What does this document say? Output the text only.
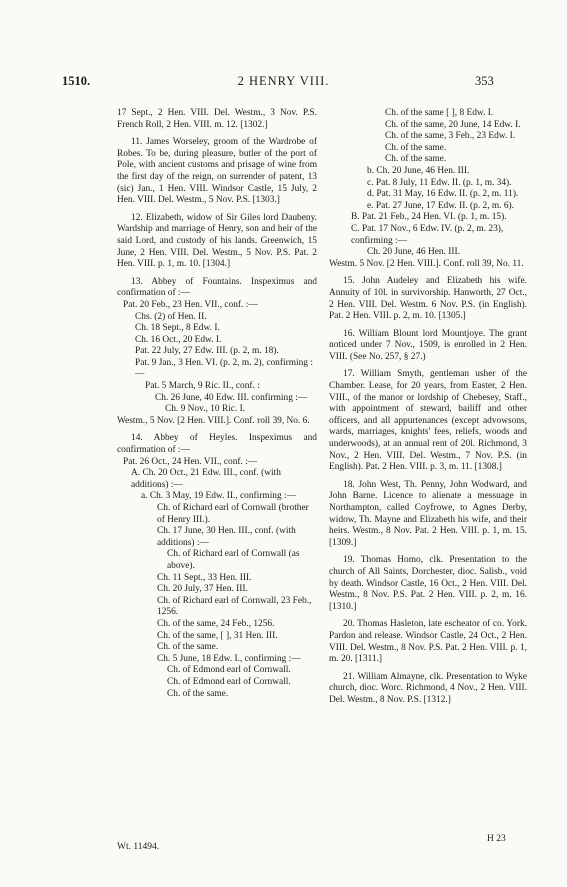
1510.	2 HENRY VIII.	353

17 Sept., 2 Hen. VIII. Del. Westm., 3 Nov. P.S. French Roll, 2 Hen. VIII. m. 12. [1302.]

11. James Worseley, groom of the Wardrobe of Robes. To be, during pleasure, butler of the port of Pole, with ancient customs and prisage of wine from the first day of the reign, on surrender of patent, 13 (sic) Jan., 1 Hen. VIII. Windsor Castle, 15 July, 2 Hen. VIII. Del. Westm., 5 Nov. P.S. [1303.]

12. Elizabeth, widow of Sir Giles lord Daubeny. Wardship and marriage of Henry, son and heir of the said Lord, and custody of his lands. Greenwich, 15 June, 2 Hen. VIII. Del. Westm., 5 Nov. P.S. Pat. 2 Hen. VIII. p. 1, m. 10. [1304.]

13. Abbey of Fountains. Inspeximus and confirmation of :—

Pat. 20 Feb., 23 Hen. VII., conf. :—
Chs. (2) of Hen. II.
Ch. 18 Sept., 8 Edw. I.
Ch. 16 Oct., 20 Edw. I.
Pat. 22 July, 27 Edw. III. (p. 2, m. 18).
Pat. 9 Jan., 3 Hen. VI. (p. 2, m. 2), confirming :—
Pat. 5 March, 9 Ric. II., conf. :
Ch. 26 June, 40 Edw. III. confirming :—
Ch. 9 Nov., 10 Ric. I.

Westm., 5 Nov. [2 Hen. VIII.]. Conf. roll 39, No. 6.

14. Abbey of Heyles. Inspeximus and confirmation of :—

Pat. 26 Oct., 24 Hen. VII., conf. :—
A. Ch. 20 Oct., 21 Edw. III., conf. (with additions) :—
a. Ch. 3 May, 19 Edw. II., confirming :—
Ch. of Richard earl of Cornwall (brother of Henry III.).
Ch. 17 June, 30 Hen. III., conf. (with additions) :—
Ch. of Richard earl of Cornwall (as above).
Ch. 11 Sept., 33 Hen. III.
Ch. 20 July, 37 Hen. III.
Ch. of Richard earl of Cornwall, 23 Feb., 1256.
Ch. of the same, 24 Feb., 1256.
Ch. of the same, [ ], 31 Hen. III.
Ch. of the same.
Ch. 5 June, 18 Edw. I., confirming :—
Ch. of Edmond earl of Cornwall.
Ch. of Edmond earl of Cornwall.
Ch. of the same.
Ch. of the same [ ], 8 Edw. I.
Ch. of the same, 20 June, 14 Edw. I.
Ch. of the same, 3 Feb., 23 Edw. I.
Ch. of the same.
Ch. of the same.
b. Ch. 20 June, 46 Hen. III.
c. Pat. 8 July, 11 Edw. II. (p. 1, m. 34).
d. Pat. 31 May, 16 Edw. II. (p. 2, m. 11).
e. Pat. 27 June, 17 Edw. II. (p. 2, m. 6).
B. Pat. 21 Feb., 24 Hen. VI. (p. 1, m. 15).
C. Pat. 17 Nov., 6 Edw. IV. (p. 2, m. 23), confirming :—
Ch. 20 June, 46 Hen. III.

Westm. 5 Nov. [2 Hen. VIII.]. Conf. roll 39, No. 11.

15. John Audeley and Elizabeth his wife. Annuity of 10l. in survivorship. Hanworth, 27 Oct., 2 Hen. VIII. Del. Westm. 6 Nov. P.S. (in English). Pat. 2 Hen. VIII. p. 2, m. 10. [1305.]

16. William Blount lord Mountjoye. The grant noticed under 7 Nov., 1509, is enrolled in 2 Hen. VIII. (See No. 257, § 27.)

17. William Smyth, gentleman usher of the Chamber. Lease, for 20 years, from Easter, 2 Hen. VIII., of the manor or lordship of Chebesey, Staff., with appointment of steward, bailiff and other officers, and all appurtenances (except advowsons, wards, marriages, knights' fees, reliefs, woods and underwoods), at an annual rent of 20l. Richmond, 3 Nov., 2 Hen. VIII. Del. Westm., 7 Nov. P.S. (in English). Pat. 2 Hen. VIII. p. 3, m. 11. [1308.]

18. John West, Th. Penny, John Wodward, and John Barne. Licence to alienate a messuage in Northampton, called Coyfrowe, to Agnes Derby, widow, Th. Mayne and Elizabeth his wife, and their heirs. Westm., 8 Nov. Pat. 2 Hen. VIII. p. 1, m. 15. [1309.]

19. Thomas Homo, clk. Presentation to the church of All Saints, Dorchester, dioc. Salisb., void by death. Windsor Castle, 16 Oct., 2 Hen. VIII. Del. Westm., 8 Nov. P.S. Pat. 2 Hen. VIII. p. 2, m. 16. [1310.]

20. Thomas Hasleton, late escheator of co. York. Pardon and release. Windsor Castle, 24 Oct., 2 Hen. VIII. Del. Westm., 8 Nov. P.S. Pat. 2 Hen. VIII. p. 1, m. 20. [1311.]

21. William Almayne, clk. Presentation to Wyke church, dioc. Worc. Richmond, 4 Nov., 2 Hen. VIII. Del. Westm., 8 Nov. P.S. [1312.]

Wt. 11494.
H 23
